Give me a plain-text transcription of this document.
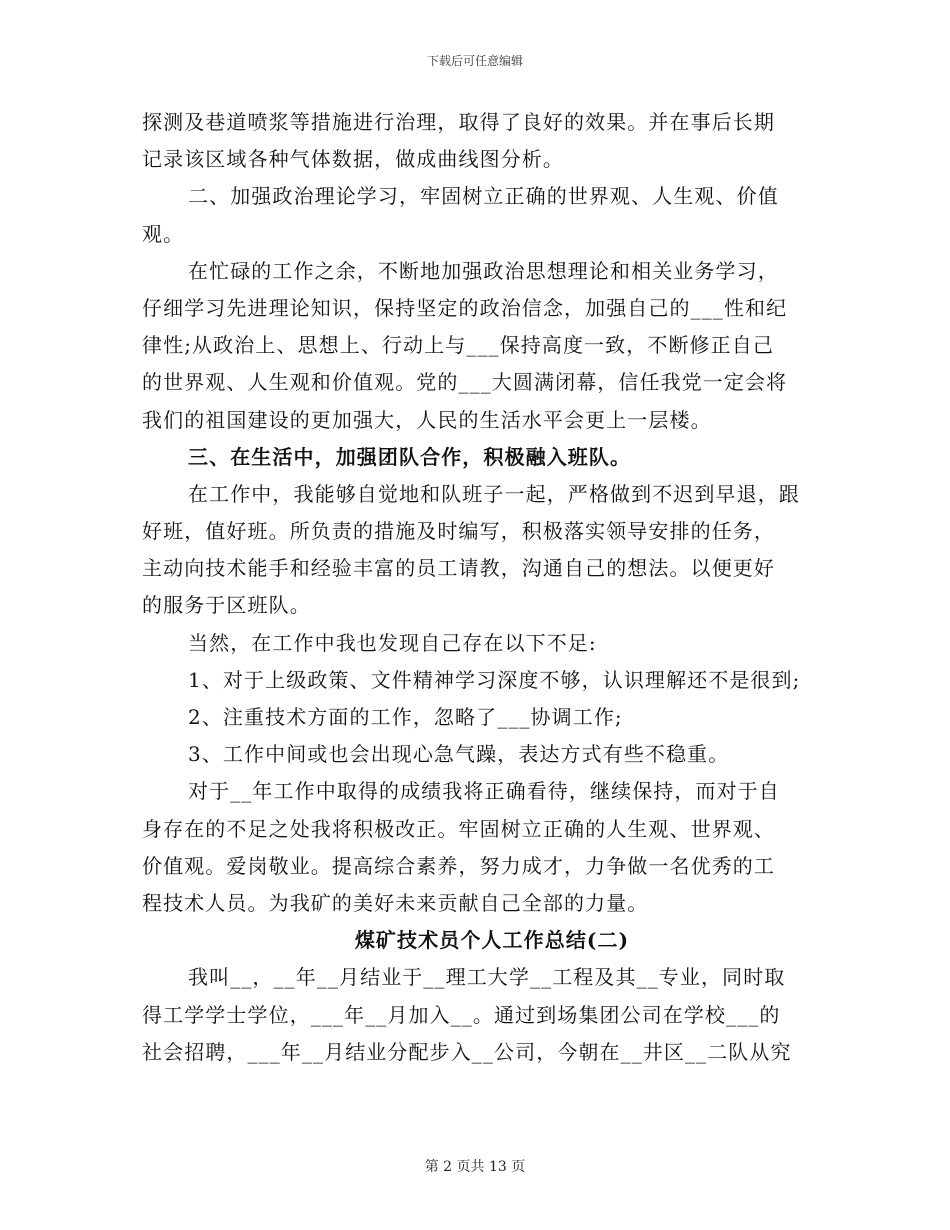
下载后可任意编辑
探测及巷道喷浆等措施进行治理，取得了良好的效果。并在事后长期
记录该区域各种气体数据，做成曲线图分析。
二、加强政治理论学习，牢固树立正确的世界观、人生观、价值
观。
在忙碌的工作之余，不断地加强政治思想理论和相关业务学习，
仔细学习先进理论知识，保持坚定的政治信念，加强自己的___性和纪
律性;从政治上、思想上、行动上与___保持高度一致，不断修正自己
的世界观、人生观和价值观。党的___大圆满闭幕，信任我党一定会将
我们的祖国建设的更加强大，人民的生活水平会更上一层楼。
三、在生活中，加强团队合作，积极融入班队。
在工作中，我能够自觉地和队班子一起，严格做到不迟到早退，跟
好班，值好班。所负责的措施及时编写，积极落实领导安排的任务，
主动向技术能手和经验丰富的员工请教，沟通自己的想法。以便更好
的服务于区班队。
当然，在工作中我也发现自己存在以下不足:
1、对于上级政策、文件精神学习深度不够，认识理解还不是很到;
2、注重技术方面的工作，忽略了___协调工作;
3、工作中间或也会出现心急气躁，表达方式有些不稳重。
对于__年工作中取得的成绩我将正确看待，继续保持，而对于自
身存在的不足之处我将积极改正。牢固树立正确的人生观、世界观、
价值观。爱岗敬业。提高综合素养，努力成才，力争做一名优秀的工
程技术人员。为我矿的美好未来贡献自己全部的力量。
煤矿技术员个人工作总结(二)
我叫__，__年__月结业于__理工大学__工程及其__专业，同时取
得工学学士学位，___年__月加入__。通过到场集团公司在学校___的
社会招聘，___年__月结业分配步入__公司，今朝在__井区__二队从究
第 2 页共 13 页
